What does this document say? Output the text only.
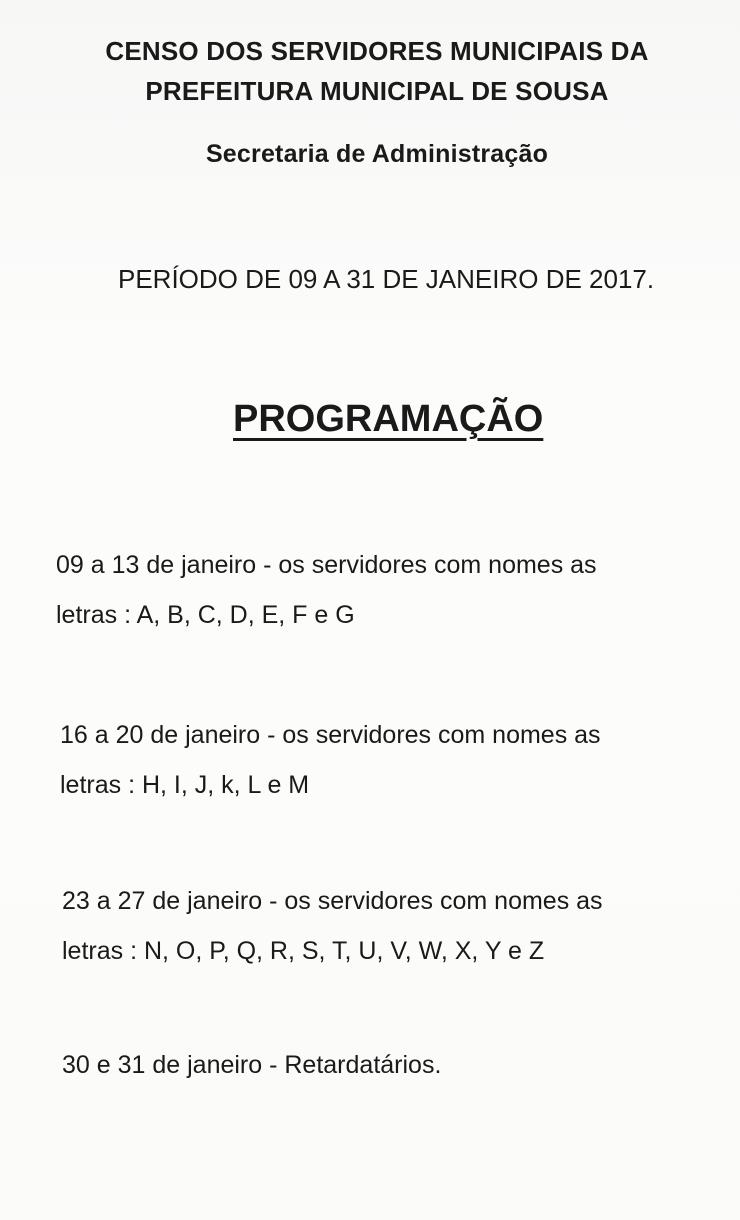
CENSO DOS SERVIDORES MUNICIPAIS DA
PREFEITURA MUNICIPAL DE SOUSA
Secretaria de Administração
PERÍODO DE 09 A 31 DE JANEIRO DE 2017.
PROGRAMAÇÃO
09 a 13 de janeiro - os servidores com nomes as
letras : A, B, C, D, E, F e G
16 a 20 de janeiro - os servidores com nomes as
letras : H, I, J, k, L e M
23 a 27 de janeiro - os servidores com nomes as
letras : N, O, P, Q, R, S, T, U, V, W, X, Y e Z
30 e 31 de janeiro - Retardatários.
